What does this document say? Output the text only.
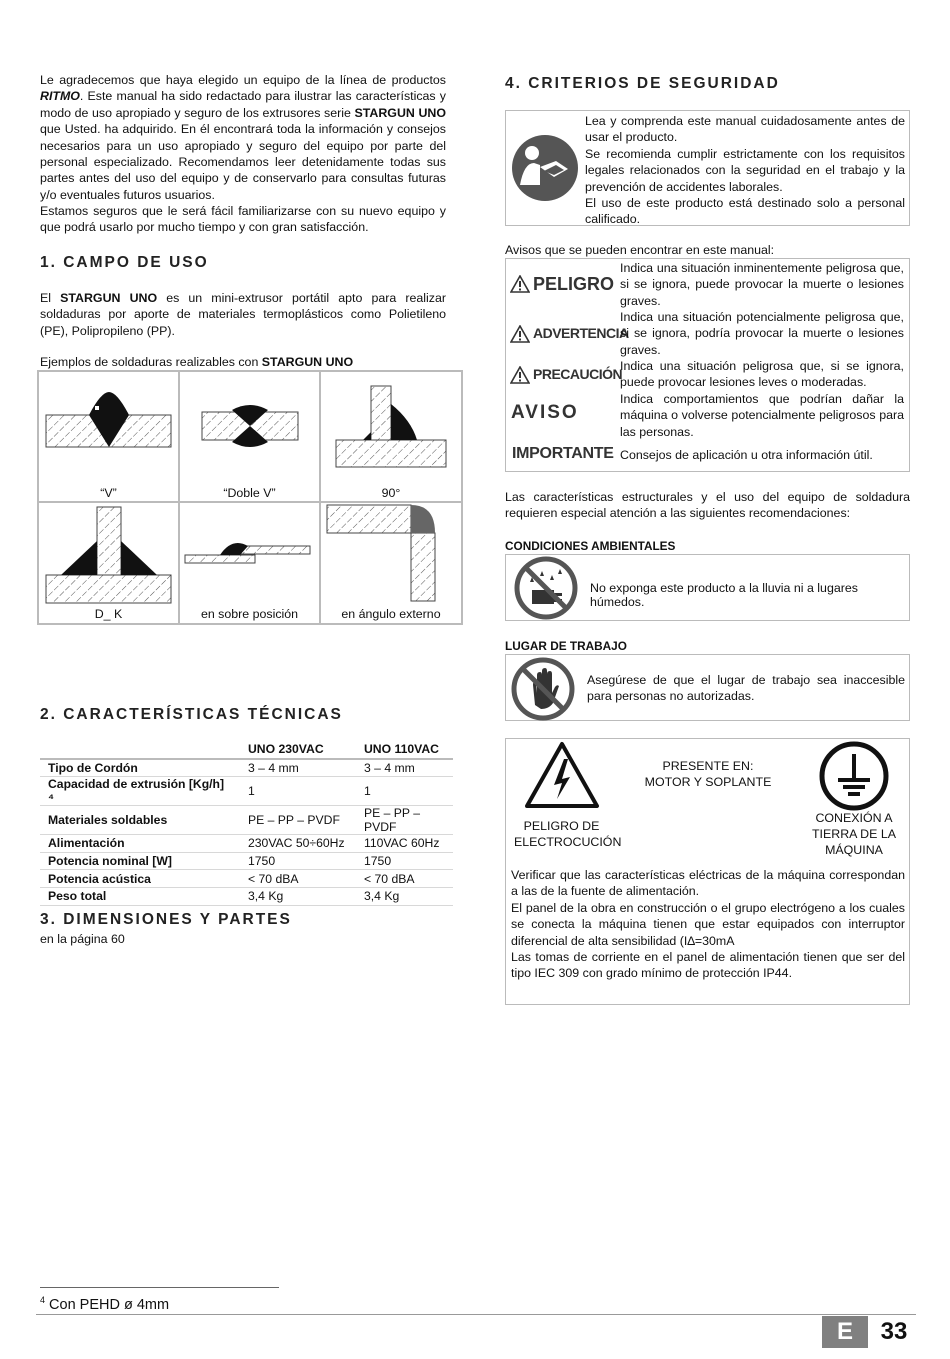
Le agradecemos que haya elegido un equipo de la línea de productos RITMO. Este manual ha sido redactado para ilustrar las características y modo de uso apropiado y seguro de los extrusores serie STARGUN UNO que Usted. ha adquirido. En él encontrará toda la información y consejos necesarios para un uso apropiado y seguro del equipo por parte del personal especializado. Recomendamos leer detenidamente todas sus partes antes del uso del equipo y de conservarlo para consultas futuras y/o eventuales futuros usuarios.
Estamos seguros que le será fácil familiarizarse con su nuevo equipo y que podrá usarlo por mucho tiempo y con gran satisfacción.
1. CAMPO DE USO
El STARGUN UNO es un mini-extrusor portátil apto para realizar soldaduras por aporte de materiales termoplásticos como Polietileno (PE), Polipropileno (PP).
Ejemplos de soldaduras realizables con STARGUN UNO
“V”	“Doble V”	90°
D_ K	en sobre posición	en ángulo externo
2. CARACTERÍSTICAS TÉCNICAS
	UNO 230VAC	UNO 110VAC
Tipo de Cordón	3 – 4 mm	3 – 4 mm
Capacidad de extrusión [Kg/h] ⁴	1	1
Materiales soldables	PE – PP – PVDF	PE – PP – PVDF
Alimentación	230VAC 50÷60Hz	110VAC 60Hz
Potencia nominal [W]	1750	1750
Potencia acústica	< 70 dBA	< 70 dBA
Peso total	3,4 Kg	3,4 Kg
3. DIMENSIONES Y PARTES
en la página 60
4. CRITERIOS DE SEGURIDAD

Lea y comprenda este manual cuidadosamente antes de usar el producto.

Se recomienda cumplir estrictamente con los requisitos legales relacionados con la seguridad en el trabajo y la prevención de accidentes laborales.

El uso de este producto está destinado solo a personal calificado.

Avisos que se pueden encontrar en este manual:
PELIGRO
Indica una situación inminentemente peligrosa que, si se ignora, puede provocar la muerte o lesiones graves.
ADVERTENCIA
Indica una situación potencialmente peligrosa que, si se ignora, podría provocar la muerte o lesiones graves.
PRECAUCIÓN
Indica una situación peligrosa que, si se ignora, puede provocar lesiones leves o moderadas.
AVISO
Indica comportamientos que podrían dañar la máquina o volverse potencialmente peligrosos para las personas.
IMPORTANTE Consejos de aplicación u otra información útil.
Las características estructurales y el uso del equipo de soldadura requieren especial atención a las siguientes recomendaciones:
CONDICIONES AMBIENTALES
No exponga este producto a la lluvia ni a lugares húmedos.
LUGAR DE TRABAJO
Asegúrese de que el lugar de trabajo sea inaccesible para personas no autorizadas.
PELIGRO DE ELECTROCUCIÓN
PRESENTE EN:
MOTOR Y SOPLANTE
CONEXIÓN A TIERRA DE LA MÁQUINA

Verificar que las características eléctricas de la máquina correspondan a las de la fuente de alimentación.

El panel de la obra en construcción o el grupo electrógeno a los cuales se conecta la máquina tienen que estar equipados con interruptor diferencial de alta sensibilidad (I∆=30mA

Las tomas de corriente en el panel de alimentación tienen que ser del tipo IEC 309 con grado mínimo de protección IP44.

$^4$ Con PEHD ø 4mm
E	33
